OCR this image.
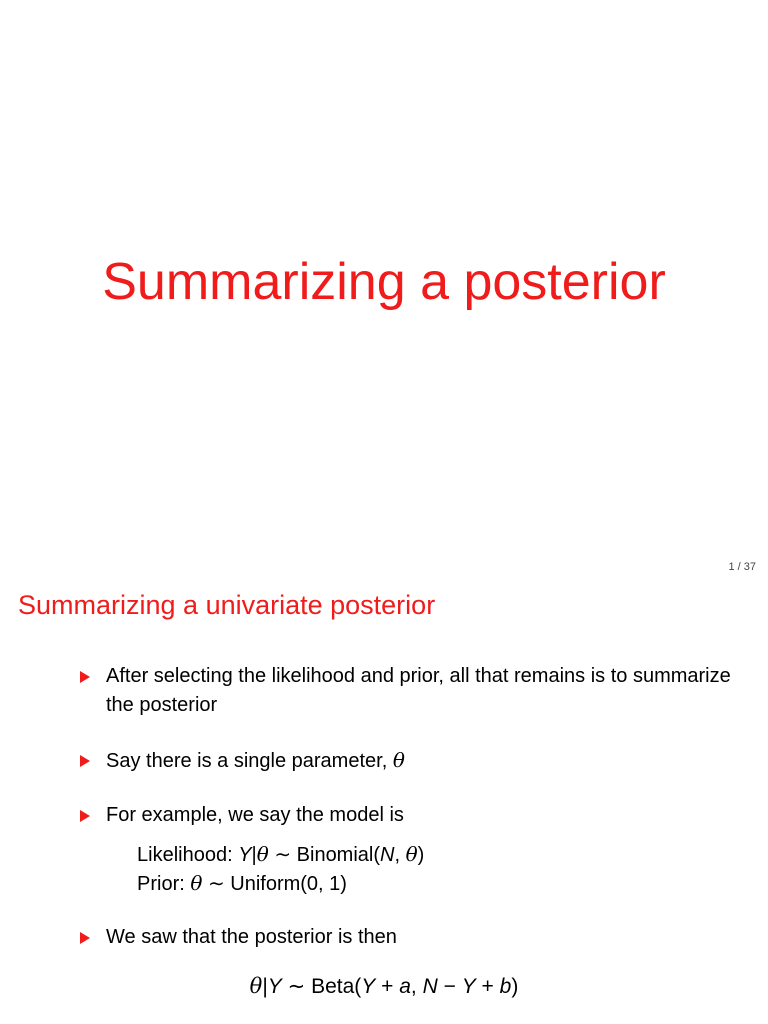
Summarizing a posterior
1 / 37
Summarizing a univariate posterior
After selecting the likelihood and prior, all that remains is to summarize the posterior
Say there is a single parameter, θ
For example, we say the model is
Likelihood: Y|θ ∼ Binomial(N, θ)
Prior: θ ∼ Uniform(0, 1)
We saw that the posterior is then
θ|Y ∼ Beta(Y + a, N − Y + b)
